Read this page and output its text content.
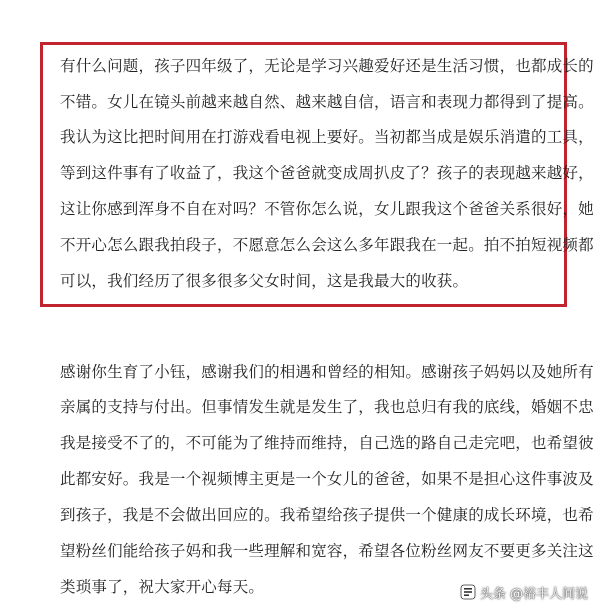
有什么问题，孩子四年级了，无论是学习兴趣爱好还是生活习惯，也都成长的
不错。女儿在镜头前越来越自然、越来越自信，语言和表现力都得到了提高。
我认为这比把时间用在打游戏看电视上要好。当初都当成是娱乐消遣的工具，
等到这件事有了收益了，我这个爸爸就变成周扒皮了？孩子的表现越来越好，
这让你感到浑身不自在对吗？不管你怎么说，女儿跟我这个爸爸关系很好，她
不开心怎么跟我拍段子，不愿意怎么会这么多年跟我在一起。拍不拍短视频都
可以，我们经历了很多很多父女时间，这是我最大的收获。
感谢你生育了小钰，感谢我们的相遇和曾经的相知。感谢孩子妈妈以及她所有
亲属的支持与付出。但事情发生就是发生了，我也总归有我的底线，婚姻不忠
我是接受不了的，不可能为了维持而维持，自己选的路自己走完吧，也希望彼
此都安好。我是一个视频博主更是一个女儿的爸爸，如果不是担心这件事波及
到孩子，我是不会做出回应的。我希望给孩子提供一个健康的成长环境，也希
望粉丝们能给孩子妈和我一些理解和宽容，希望各位粉丝网友不要更多关注这
类琐事了，祝大家开心每天。	头条 @裕丰人间说
